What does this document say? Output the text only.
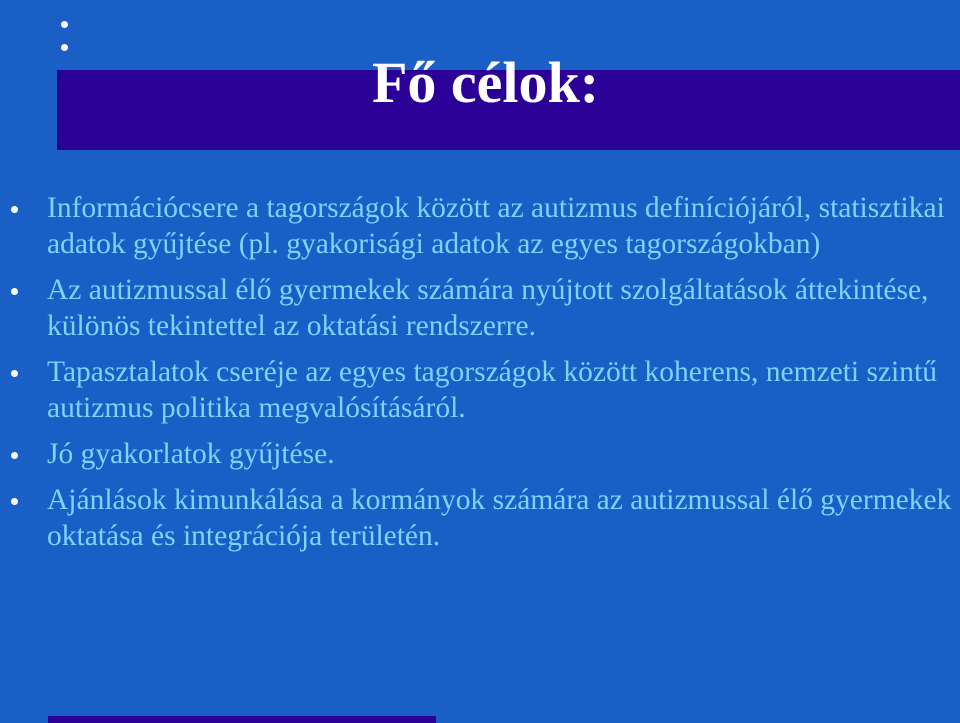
Fő célok:
Információcsere a tagországok között az autizmus definíciójáról, statisztikai adatok gyűjtése (pl. gyakorisági adatok az egyes tagországokban)
Az autizmussal élő gyermekek számára nyújtott szolgáltatások áttekintése, különös tekintettel az oktatási rendszerre.
Tapasztalatok cseréje az egyes tagországok között koherens, nemzeti szintű autizmus politika megvalósításáról.
Jó gyakorlatok gyűjtése.
Ajánlások kimunkálása a kormányok számára az autizmussal élő gyermekek oktatása és integrációja területén.
